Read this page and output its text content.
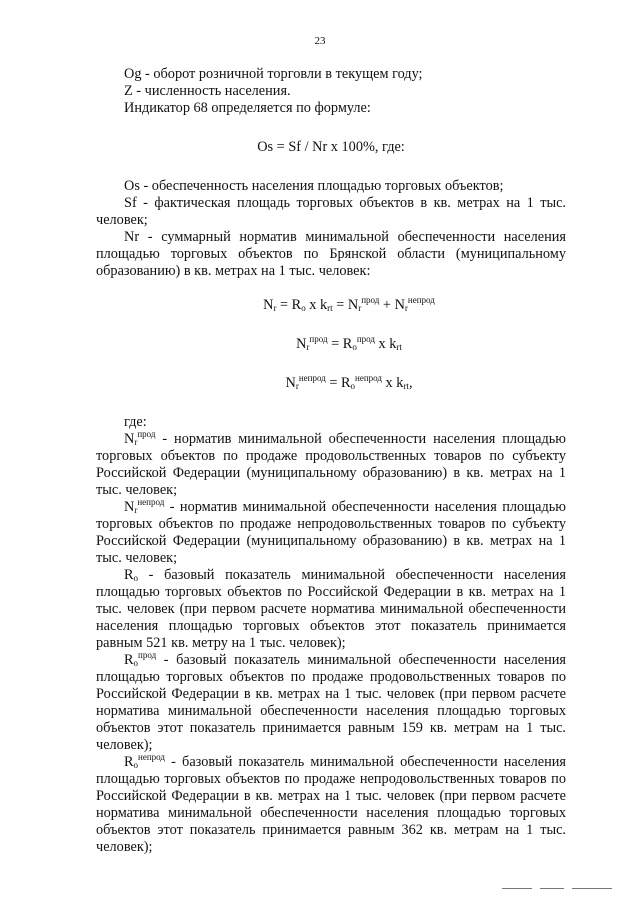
23

Og - оборот розничной торговли в текущем году;

Z - численность населения.

Индикатор 68 определяется по формуле:

Os = Sf / Nr x 100%, где:

Os - обеспеченность населения площадью торговых объектов;

Sf - фактическая площадь торговых объектов в кв. метрах на 1 тыс. человек;

Nr - суммарный норматив минимальной обеспеченности населения площадью торговых объектов по Брянской области (муниципальному образованию) в кв. метрах на 1 тыс. человек:

$N_r = R_o$ x $k_{rt} = N_r^{прод} + N_r^{непрод}$

$N_r^{прод} = R_o^{прод}$ x $k_{rt}$

$N_r^{непрод} = R_o^{непрод}$ x $k_{rt}$,

где:

$N_r^{прод}$ - норматив минимальной обеспеченности населения площадью торговых объектов по продаже продовольственных товаров по субъекту Российской Федерации (муниципальному образованию) в кв. метрах на 1 тыс. человек;

$N_r^{непрод}$ - норматив минимальной обеспеченности населения площадью торговых объектов по продаже непродовольственных товаров по субъекту Российской Федерации (муниципальному образованию) в кв. метрах на 1 тыс. человек;

$R_o$ - базовый показатель минимальной обеспеченности населения площадью торговых объектов по Российской Федерации в кв. метрах на 1 тыс. человек (при первом расчете норматива минимальной обеспеченности населения площадью торговых объектов этот показатель принимается равным 521 кв. метру на 1 тыс. человек);

$R_o^{прод}$ - базовый показатель минимальной обеспеченности населения площадью торговых объектов по продаже продовольственных товаров по Российской Федерации в кв. метрах на 1 тыс. человек (при первом расчете норматива минимальной обеспеченности населения площадью торговых объектов этот показатель принимается равным 159 кв. метрам на 1 тыс. человек);

$R_o^{непрод}$ - базовый показатель минимальной обеспеченности населения площадью торговых объектов по продаже непродовольственных товаров по Российской Федерации в кв. метрах на 1 тыс. человек (при первом расчете норматива минимальной обеспеченности населения площадью торговых объектов этот показатель принимается равным 362 кв. метрам на 1 тыс. человек);
